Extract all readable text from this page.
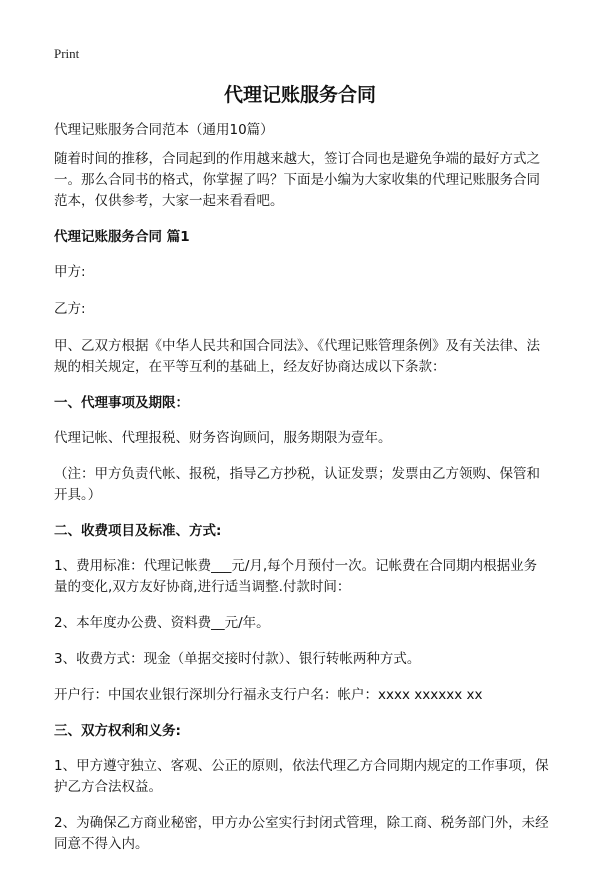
Print
代理记账服务合同

代理记账服务合同范本（通用10篇）

随着时间的推移，合同起到的作用越来越大，签订合同也是避免争端的最好方式之一。那么合同书的格式，你掌握了吗？下面是小编为大家收集的代理记账服务合同范本，仅供参考，大家一起来看看吧。

代理记账服务合同 篇1

甲方:

乙方:

甲、乙双方根据《中华人民共和国合同法》、《代理记账管理条例》及有关法律、法规的相关规定，在平等互利的基础上，经友好协商达成以下条款：

一、代理事项及期限：

代理记帐、代理报税、财务咨询顾问，服务期限为壹年。

（注：甲方负责代帐、报税，指导乙方抄税，认证发票；发票由乙方领购、保管和开具。）

二、收费项目及标准、方式:

1、费用标准：代理记帐费___元/月,每个月预付一次。记帐费在合同期内根据业务量的变化,双方友好协商,进行适当调整.付款时间：

2、本年度办公费、资料费__元/年。

3、收费方式：现金（单据交接时付款）、银行转帐两种方式。

开户行：中国农业银行深圳分行福永支行户名：帐户：xxxx xxxxxx xx

三、双方权利和义务:

1、甲方遵守独立、客观、公正的原则，依法代理乙方合同期内规定的工作事项，保护乙方合法权益。

2、为确保乙方商业秘密，甲方办公室实行封闭式管理，除工商、税务部门外，未经同意不得入内。
